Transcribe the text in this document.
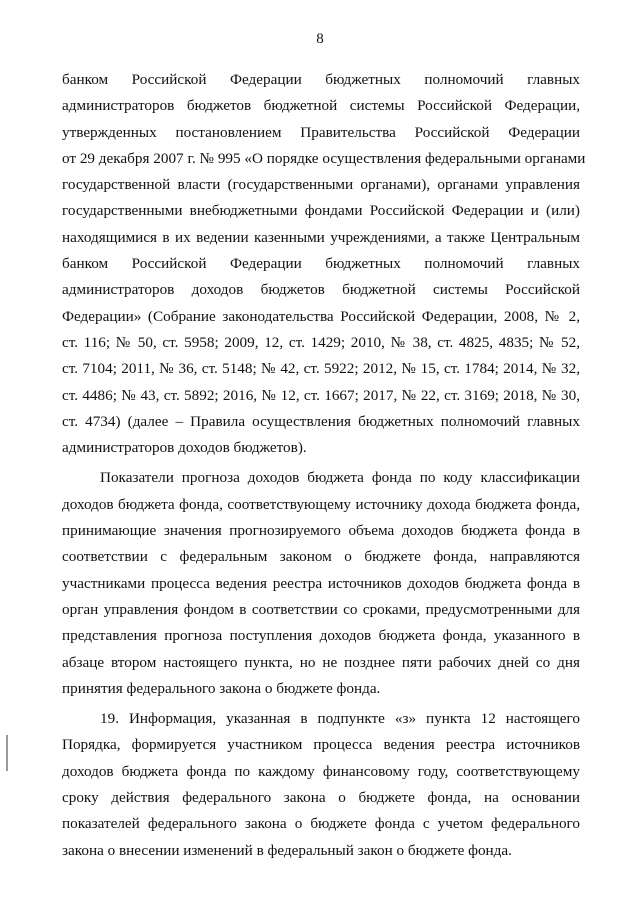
8
банком Российской Федерации бюджетных полномочий главных
администраторов бюджетов бюджетной системы Российской Федерации,
утвержденных постановлением Правительства Российской Федерации
от 29 декабря 2007 г. № 995 «О порядке осуществления федеральными органами
государственной власти (государственными органами), органами управления
государственными внебюджетными фондами Российской Федерации и (или)
находящимися в их ведении казенными учреждениями, а также Центральным
банком Российской Федерации бюджетных полномочий главных
администраторов доходов бюджетов бюджетной системы Российской
Федерации» (Собрание законодательства Российской Федерации, 2008, № 2,
ст. 116; № 50, ст. 5958; 2009, 12, ст. 1429; 2010, № 38, ст. 4825, 4835; № 52,
ст. 7104; 2011, № 36, ст. 5148; № 42, ст. 5922; 2012, № 15, ст. 1784; 2014, № 32,
ст. 4486; № 43, ст. 5892; 2016, № 12, ст. 1667; 2017, № 22, ст. 3169; 2018, № 30,
ст. 4734) (далее – Правила осуществления бюджетных полномочий главных
администраторов доходов бюджетов).
Показатели прогноза доходов бюджета фонда по коду классификации
доходов бюджета фонда, соответствующему источнику дохода бюджета фонда,
принимающие значения прогнозируемого объема доходов бюджета фонда в
соответствии с федеральным законом о бюджете фонда, направляются
участниками процесса ведения реестра источников доходов бюджета фонда в
орган управления фондом в соответствии со сроками, предусмотренными для
представления прогноза поступления доходов бюджета фонда, указанного в
абзаце втором настоящего пункта, но не позднее пяти рабочих дней со дня
принятия федерального закона о бюджете фонда.
19. Информация, указанная в подпункте «з» пункта 12 настоящего
Порядка, формируется участником процесса ведения реестра источников
доходов бюджета фонда по каждому финансовому году, соответствующему
сроку действия федерального закона о бюджете фонда, на основании
показателей федерального закона о бюджете фонда с учетом федерального
закона о внесении изменений в федеральный закон о бюджете фонда.
